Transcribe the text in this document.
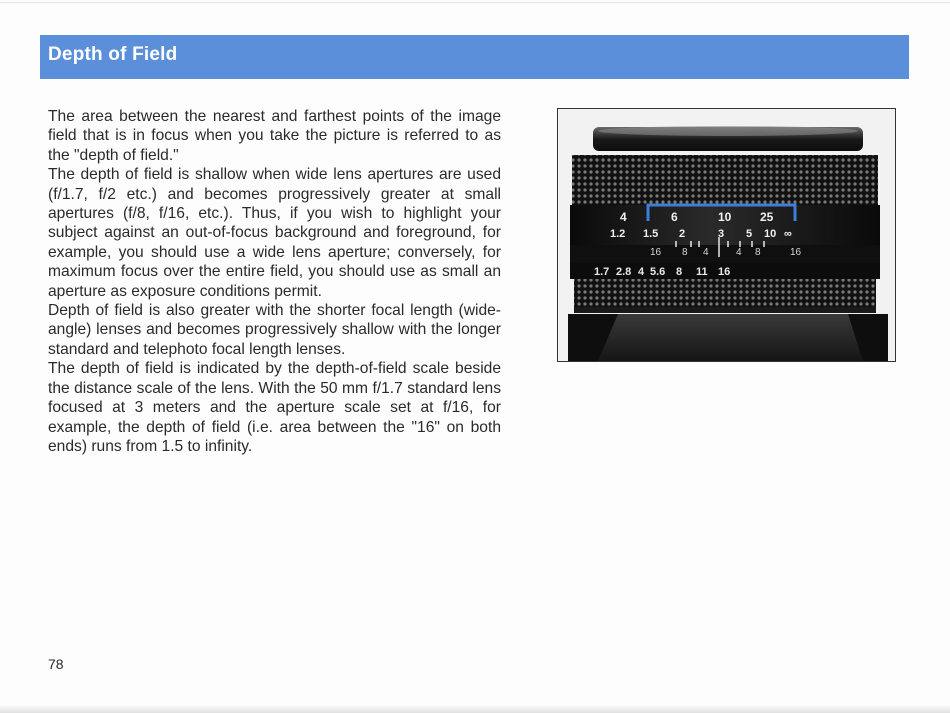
Depth of Field

The area between the nearest and farthest points of the image field that is in focus when you take the picture is referred to as the "depth of field."

The depth of field is shallow when wide lens apertures are used (f/1.7, f/2 etc.) and becomes progressively greater at small apertures (f/8, f/16, etc.). Thus, if you wish to highlight your subject against an out-of-focus background and foreground, for example, you should use a wide lens aperture; conversely, for maximum focus over the entire field, you should use as small an aperture as exposure conditions permit.

Depth of field is also greater with the shorter focal length (wide-angle) lenses and becomes progressively shallow with the longer standard and telephoto focal length lenses.

The depth of field is indicated by the depth-of-field scale beside the distance scale of the lens. With the 50 mm f/1.7 standard lens focused at 3 meters and the aperture scale set at f/16, for example, the depth of field (i.e. area between the "16" on both ends) runs from 1.5 to infinity.

4	6	10 25
1.2 1.5 2	3 5 10 ∞
16 8 4	4 8	16
1.7 2.8 4 5.6 8 11 16
78
